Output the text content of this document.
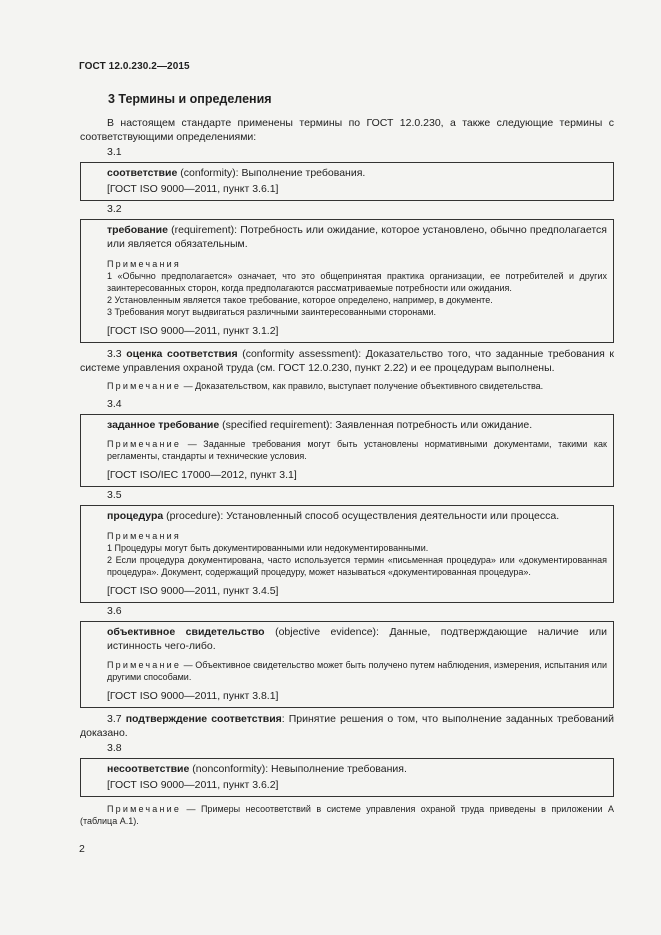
ГОСТ 12.0.230.2—2015
3 Термины и определения
В настоящем стандарте применены термины по ГОСТ 12.0.230, а также следующие термины с соответствующими определениями:
3.1
соответствие (conformity): Выполнение требования.
[ГОСТ ISO 9000—2011, пункт 3.6.1]
3.2
требование (requirement): Потребность или ожидание, которое установлено, обычно предполагается или является обязательным.
Примечания
1 «Обычно предполагается» означает, что это общепринятая практика организации, ее потребителей и других заинтересованных сторон, когда предполагаются рассматриваемые потребности или ожидания.
2 Установленным является такое требование, которое определено, например, в документе.
3 Требования могут выдвигаться различными заинтересованными сторонами.
[ГОСТ ISO 9000—2011, пункт 3.1.2]
3.3 оценка соответствия (conformity assessment): Доказательство того, что заданные требования к системе управления охраной труда (см. ГОСТ 12.0.230, пункт 2.22) и ее процедурам выполнены.
Примечание — Доказательством, как правило, выступает получение объективного свидетельства.
3.4
заданное требование (specified requirement): Заявленная потребность или ожидание.
Примечание — Заданные требования могут быть установлены нормативными документами, такими как регламенты, стандарты и технические условия.
[ГОСТ ISO/IEC 17000—2012, пункт 3.1]
3.5
процедура (procedure): Установленный способ осуществления деятельности или процесса.
Примечания
1 Процедуры могут быть документированными или недокументированными.
2 Если процедура документирована, часто используется термин «письменная процедура» или «документированная процедура». Документ, содержащий процедуру, может называться «документированная процедура».
[ГОСТ ISO 9000—2011, пункт 3.4.5]
3.6
объективное свидетельство (objective evidence): Данные, подтверждающие наличие или истинность чего-либо.
Примечание — Объективное свидетельство может быть получено путем наблюдения, измерения, испытания или другими способами.
[ГОСТ ISO 9000—2011, пункт 3.8.1]
3.7 подтверждение соответствия: Принятие решения о том, что выполнение заданных требований доказано.
3.8
несоответствие (nonconformity): Невыполнение требования.
[ГОСТ ISO 9000—2011, пункт 3.6.2]
Примечание — Примеры несоответствий в системе управления охраной труда приведены в приложении А (таблица А.1).
2
